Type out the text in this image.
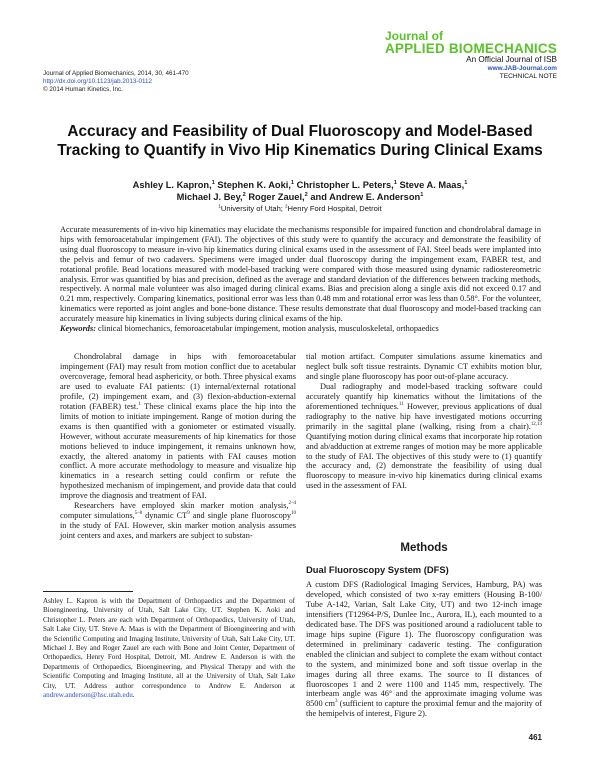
Journal of Applied Biomechanics, 2014, 30, 461-470
http://dx.doi.org/10.1123/jab.2013-0112
© 2014 Human Kinetics, Inc.
Journal of
APPLIED BIOMECHANICS
An Official Journal of ISB
www.JAB-Journal.com
TECHNICAL NOTE
Accuracy and Feasibility of Dual Fluoroscopy and Model-Based
Tracking to Quantify in Vivo Hip Kinematics During Clinical Exams
Ashley L. Kapron,$^1$ Stephen K. Aoki,$^1$ Christopher L. Peters,$^1$ Steve A. Maas,$^1$
Michael J. Bey,$^2$ Roger Zauel,$^2$ and Andrew E. Anderson$^1$
$^1$University of Utah; $^2$Henry Ford Hospital, Detroit
Accurate measurements of in-vivo hip kinematics may elucidate the mechanisms responsible for impaired function and chondrolabral damage in hips with femoroacetabular impingement (FAI). The objectives of this study were to quantify the accuracy and demonstrate the feasibility of using dual fluoroscopy to measure in-vivo hip kinematics during clinical exams used in the assessment of FAI. Steel beads were implanted into the pelvis and femur of two cadavers. Specimens were imaged under dual fluoroscopy during the impingement exam, FABER test, and rotational profile. Bead locations measured with model-based tracking were compared with those measured using dynamic radiostereometric analysis. Error was quantified by bias and precision, defined as the average and standard deviation of the differences between tracking methods, respectively. A normal male volunteer was also imaged during clinical exams. Bias and precision along a single axis did not exceed 0.17 and 0.21 mm, respectively. Comparing kinematics, positional error was less than 0.48 mm and rotational error was less than 0.58°. For the volunteer, kinematics were reported as joint angles and bone-bone distance. These results demonstrate that dual fluoroscopy and model-based tracking can accurately measure hip kinematics in living subjects during clinical exams of the hip.
Keywords: clinical biomechanics, femoroacetabular impingement, motion analysis, musculoskeletal, orthopaedics

Chondrolabral damage in hips with femoroacetabular impingement (FAI) may result from motion conflict due to acetabular overcoverage, femoral head asphericity, or both. Three physical exams are used to evaluate FAI patients: (1) internal/external rotational profile, (2) impingement exam, and (3) flexion-abduction-external rotation (FABER) test.$^1$ These clinical exams place the hip into the limits of motion to initiate impingement. Range of motion during the exams is then quantified with a goniometer or estimated visually. However, without accurate measurements of hip kinematics for those motions believed to induce impingement, it remains unknown how, exactly, the altered anatomy in patients with FAI causes motion conflict. A more accurate methodology to measure and visualize hip kinematics in a research setting could confirm or refute the hypothesized mechanism of impingement, and provide data that could improve the diagnosis and treatment of FAI.

Researchers have employed skin marker motion analysis,$^{2-4}$ computer simulations,$^{5-8}$ dynamic $CT^9$ and single plane fluoroscopy$^{10}$ in the study of FAI. However, skin marker motion analysis assumes joint centers and axes, and markers are subject to substan-

Ashley L. Kapron is with the Department of Orthopaedics and the Department of Bioengineering, University of Utah, Salt Lake City, UT. Stephen K. Aoki and Christopher L. Peters are each with Department of Orthopaedics, University of Utah, Salt Lake City, UT. Steve A. Maas is with the Department of Bioengineering and with the Scientific Computing and Imaging Institute, University of Utah, Salt Lake City, UT. Michael J. Bey and Roger Zauel are each with Bone and Joint Center, Department of Orthopaedics, Henry Ford Hospital, Detroit, MI. Andrew E. Anderson is with the Departments of Orthopaedics, Bioengineering, and Physical Therapy and with the Scientific Computing and Imaging Institute, all at the University of Utah, Salt Lake City, UT. Address author correspondence to Andrew E. Anderson at andrew.anderson@hsc.utah.edu.

tial motion artifact. Computer simulations assume kinematics and neglect bulk soft tissue restraints. Dynamic CT exhibits motion blur, and single plane fluoroscopy has poor out-of-plane accuracy.

Dual radiography and model-based tracking software could accurately quantify hip kinematics without the limitations of the aforementioned techniques.$^{11}$ However, previous applications of dual radiography to the native hip have investigated motions occurring primarily in the sagittal plane (walking, rising from a chair).$^{12,13}$ Quantifying motion during clinical exams that incorporate hip rotation and ab/adduction at extreme ranges of motion may be more applicable to the study of FAI. The objectives of this study were to (1) quantify the accuracy and, (2) demonstrate the feasibility of using dual fluoroscopy to measure in-vivo hip kinematics during clinical exams used in the assessment of FAI.

Methods
Dual Fluoroscopy System (DFS)

A custom DFS (Radiological Imaging Services, Hamburg, PA) was developed, which consisted of two x-ray emitters (Housing B-100/ Tube A-142, Varian, Salt Lake City, UT) and two 12-inch image intensifiers (T12964-P/S, Dunlee Inc., Aurora, IL), each mounted to a dedicated base. The DFS was positioned around a radiolucent table to image hips supine (Figure 1). The fluoroscopy configuration was determined in preliminary cadaveric testing. The configuration enabled the clinician and subject to complete the exam without contact to the system, and minimized bone and soft tissue overlap in the images during all three exams. The source to II distances of fluoroscopes 1 and 2 were 1100 and 1145 mm, respectively. The interbeam angle was 46° and the approximate imaging volume was 8500 $cm^3$ (sufficient to capture the proximal femur and the majority of the hemipelvis of interest, Figure 2).

461
